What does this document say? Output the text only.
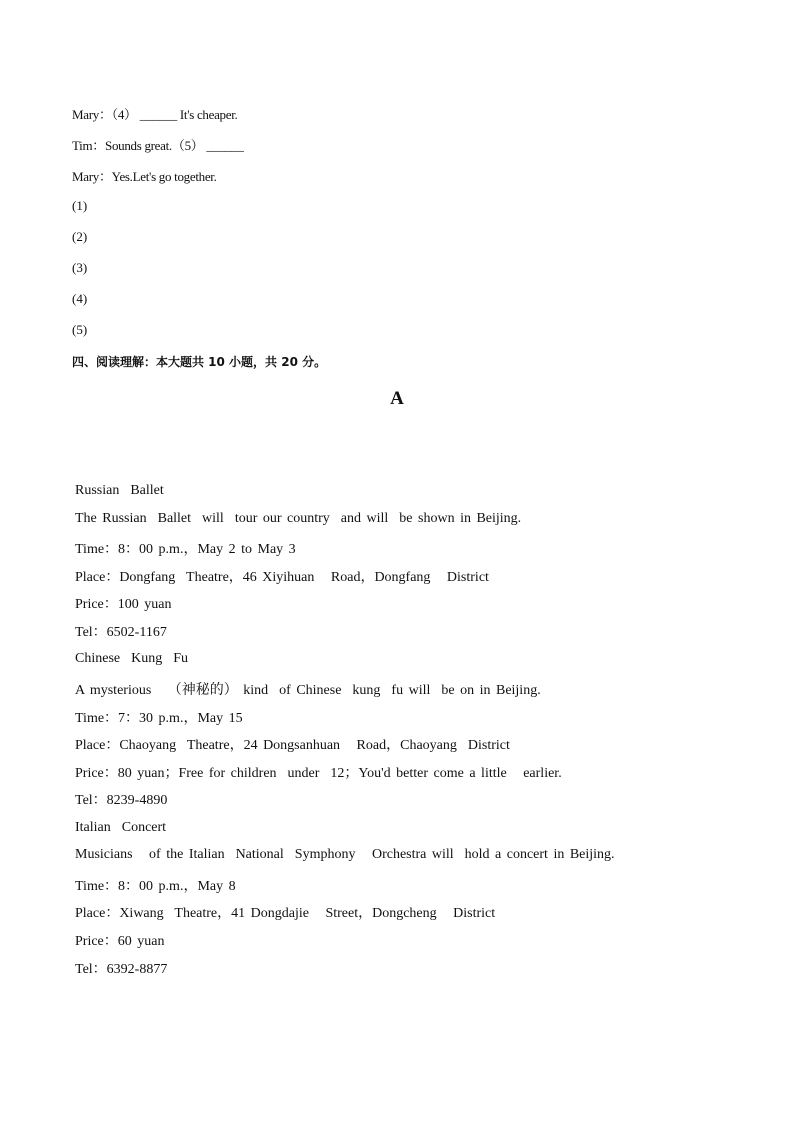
Mary：（4） ______ It's cheaper.
Tim：Sounds great.（5） ______
Mary：Yes.Let's go together.
(1)
(2)
(3)
(4)
(5)
四、阅读理解：本大题共 10 小题，共 20 分。
A
Russian  Ballet
The Russian  Ballet  will  tour our country  and will  be shown in Beijing.
Time：8：00 p.m.，May 2 to May 3
Place：Dongfang  Theatre，46 Xiyihuan   Road，Dongfang   District
Price：100 yuan
Tel：6502-1167
Chinese  Kung  Fu
A mysterious   （神秘的） kind  of Chinese  kung  fu will  be on in Beijing.
Time：7：30 p.m.，May 15
Place：Chaoyang  Theatre，24 Dongsanhuan   Road，Chaoyang  District
Price：80 yuan；Free for children  under  12；You'd better come a little   earlier.
Tel：8239-4890
Italian  Concert
Musicians   of the Italian  National  Symphony   Orchestra will  hold a concert in Beijing.
Time：8：00 p.m.，May 8
Place：Xiwang  Theatre，41 Dongdajie   Street，Dongcheng   District
Price：60 yuan
Tel：6392-8877
